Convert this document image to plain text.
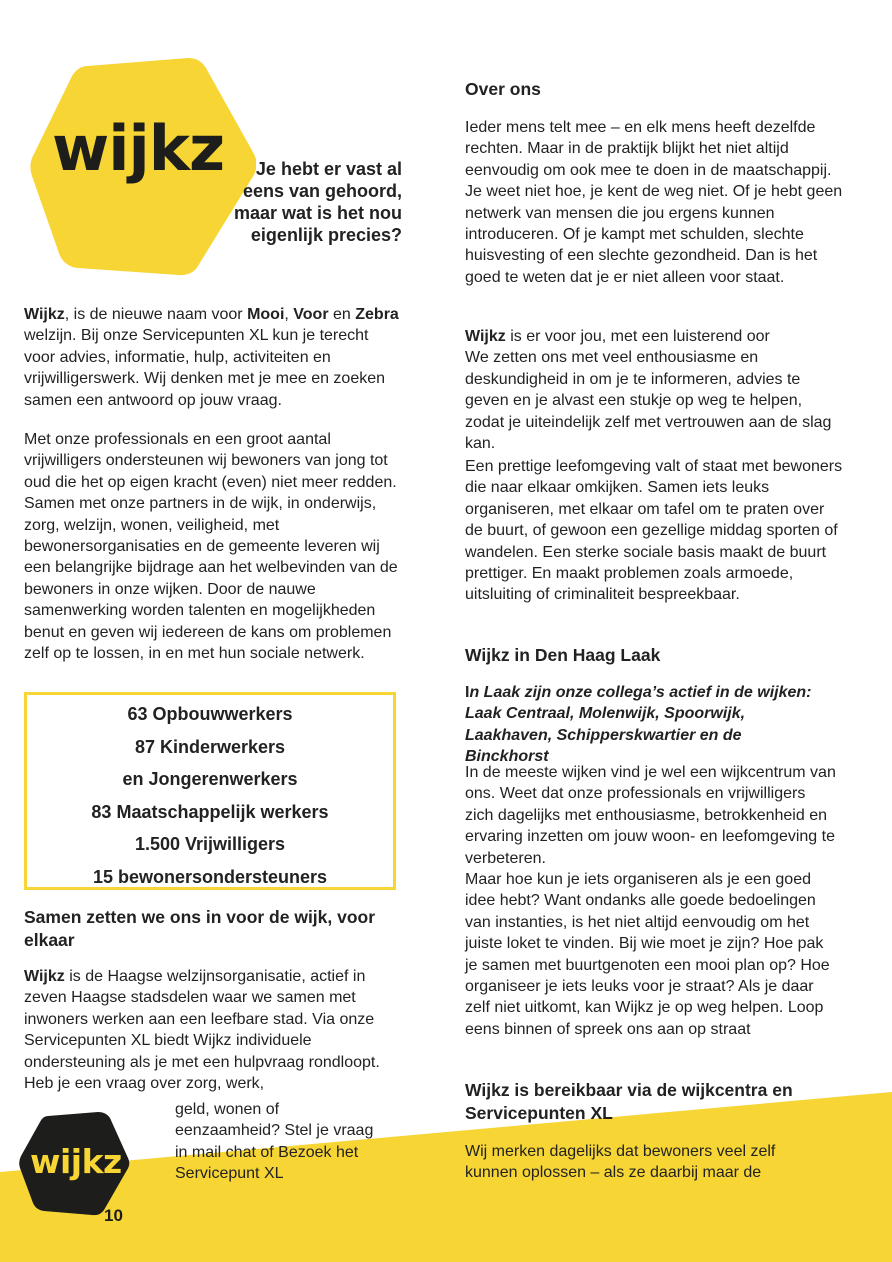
wijkz	Je hebt er vast al eens van gehoord, maar wat is het nou eigenlijk precies?

Wijkz, is de nieuwe naam voor Mooi, Voor en Zebra welzijn. Bij onze Servicepunten XL kun je terecht voor advies, informatie, hulp, activiteiten en vrijwilligerswerk. Wij denken met je mee en zoeken samen een antwoord op jouw vraag.

Met onze professionals en een groot aantal vrijwilligers ondersteunen wij bewoners van jong tot oud die het op eigen kracht (even) niet meer redden. Samen met onze partners in de wijk, in onderwijs, zorg, welzijn, wonen, veiligheid, met bewonersorganisaties en de gemeente leveren wij een belangrijke bijdrage aan het welbevinden van de bewoners in onze wijken. Door de nauwe samenwerking worden talenten en mogelijkheden benut en geven wij iedereen de kans om problemen zelf op te lossen, in en met hun sociale netwerk.

63 Opbouwwerkers
87 Kinderwerkers
en Jongerenwerkers
83 Maatschappelijk werkers
1.500 Vrijwilligers
15 bewonersondersteuners

Samen zetten we ons in voor de wijk, voor elkaar

Wijkz is de Haagse welzijnsorganisatie, actief in zeven Haagse stadsdelen waar we samen met inwoners werken aan een leefbare stad. Via onze Servicepunten XL biedt Wijkz individuele ondersteuning als je met een hulpvraag rondloopt. Heb je een vraag over zorg, werk,

geld, wonen of eenzaamheid? Stel je vraag in mail chat of Bezoek het Servicepunt XL

Over ons

Ieder mens telt mee – en elk mens heeft dezelfde rechten. Maar in de praktijk blijkt het niet altijd eenvoudig om ook mee te doen in de maatschappij. Je weet niet hoe, je kent de weg niet. Of je hebt geen netwerk van mensen die jou ergens kunnen introduceren. Of je kampt met schulden, slechte huisvesting of een slechte gezondheid. Dan is het goed te weten dat je er niet alleen voor staat.

Wijkz is er voor jou, met een luisterend oor
We zetten ons met veel enthousiasme en deskundigheid in om je te informeren, advies te geven en je alvast een stukje op weg te helpen, zodat je uiteindelijk zelf met vertrouwen aan de slag kan.

Een prettige leefomgeving valt of staat met bewoners die naar elkaar omkijken. Samen iets leuks organiseren, met elkaar om tafel om te praten over de buurt, of gewoon een gezellige middag sporten of wandelen. Een sterke sociale basis maakt de buurt prettiger. En maakt problemen zoals armoede, uitsluiting of criminaliteit bespreekbaar.

Wijkz in Den Haag Laak

In Laak zijn onze collega’s actief in de wijken: Laak Centraal, Molenwijk, Spoorwijk, Laakhaven, Schipperskwartier en de Binckhorst

In de meeste wijken vind je wel een wijkcentrum van ons. Weet dat onze professionals en vrijwilligers zich dagelijks met enthousiasme, betrokkenheid en ervaring inzetten om jouw woon- en leefomgeving te verbeteren.

Maar hoe kun je iets organiseren als je een goed idee hebt? Want ondanks alle goede bedoelingen van instanties, is het niet altijd eenvoudig om het juiste loket te vinden. Bij wie moet je zijn? Hoe pak je samen met buurtgenoten een mooi plan op? Hoe organiseer je iets leuks voor je straat? Als je daar zelf niet uitkomt, kan Wijkz je op weg helpen. Loop eens binnen of spreek ons aan op straat

Wijkz is bereikbaar via de wijkcentra en Servicepunten XL

Wij merken dagelijks dat bewoners veel zelf kunnen oplossen – als ze daarbij maar de

wijkz
10
